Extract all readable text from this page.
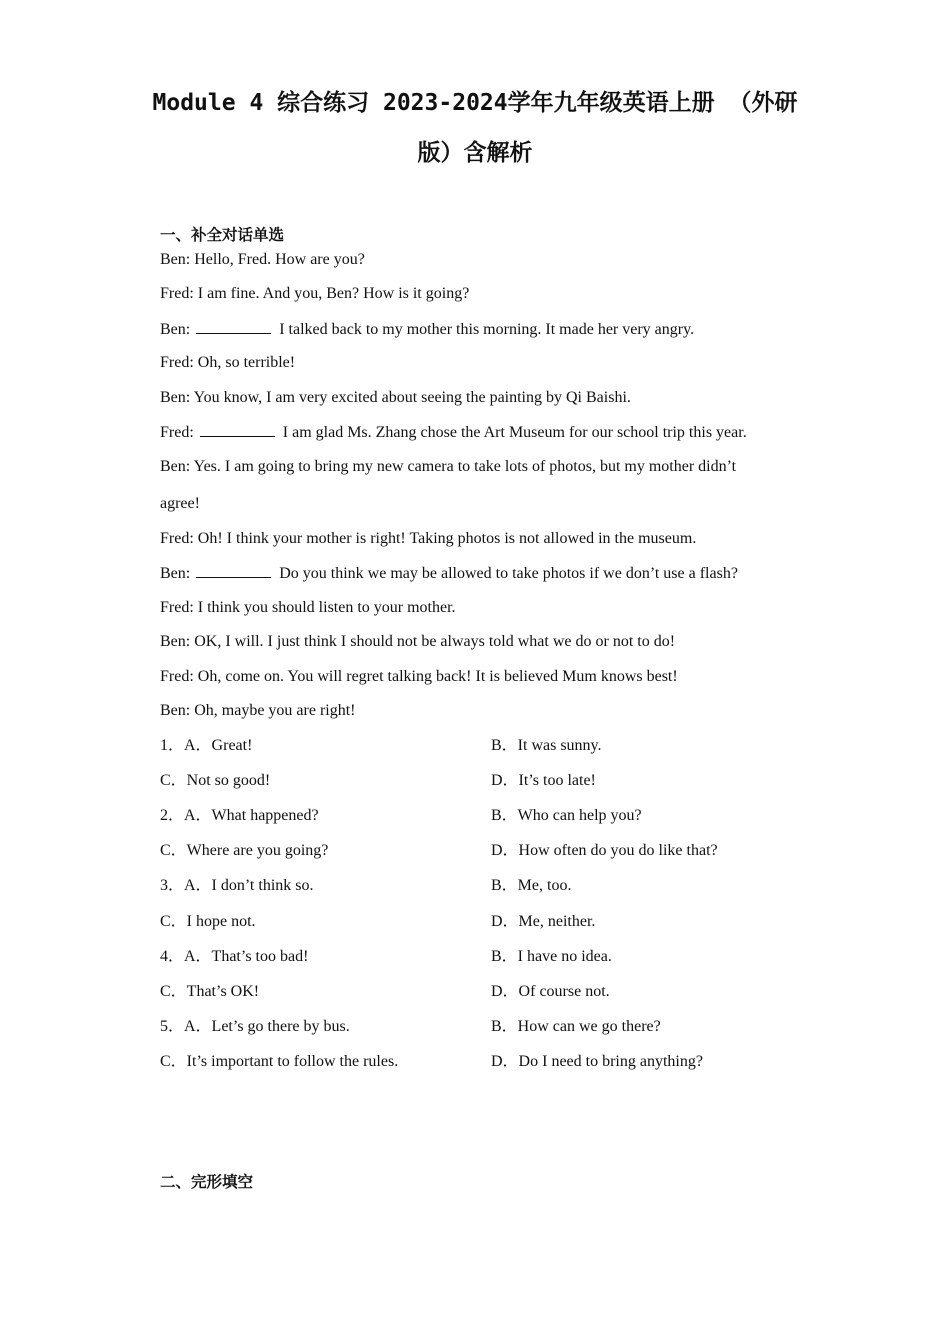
Module 4 综合练习 2023-2024学年九年级英语上册 （外研
版）含解析
一、补全对话单选
Ben: Hello, Fred. How are you?
Fred: I am fine. And you, Ben? How is it going?
Ben:	I talked back to my mother this morning. It made her very angry.
Fred: Oh, so terrible!
Ben: You know, I am very excited about seeing the painting by Qi Baishi.
Fred:	I am glad Ms. Zhang chose the Art Museum for our school trip this year.
Ben: Yes. I am going to bring my new camera to take lots of photos, but my mother didn’t
agree!
Fred: Oh! I think your mother is right! Taking photos is not allowed in the museum.
Ben:	Do you think we may be allowed to take photos if we don’t use a flash?
Fred: I think you should listen to your mother.
Ben: OK, I will. I just think I should not be always told what we do or not to do!
Fred: Oh, come on. You will regret talking back! It is believed Mum knows best!
Ben: Oh, maybe you are right!
1．A．Great!	B．It was sunny.
C．Not so good!	D．It’s too late!
2．A．What happened?	B．Who can help you?
C．Where are you going?	D．How often do you do like that?
3．A．I don’t think so.	B．Me, too.
C．I hope not.	D．Me, neither.
4．A．That’s too bad!	B．I have no idea.
C．That’s OK!	D．Of course not.
5．A．Let’s go there by bus.	B．How can we go there?
C．It’s important to follow the rules.	D．Do I need to bring anything?
二、完形填空
